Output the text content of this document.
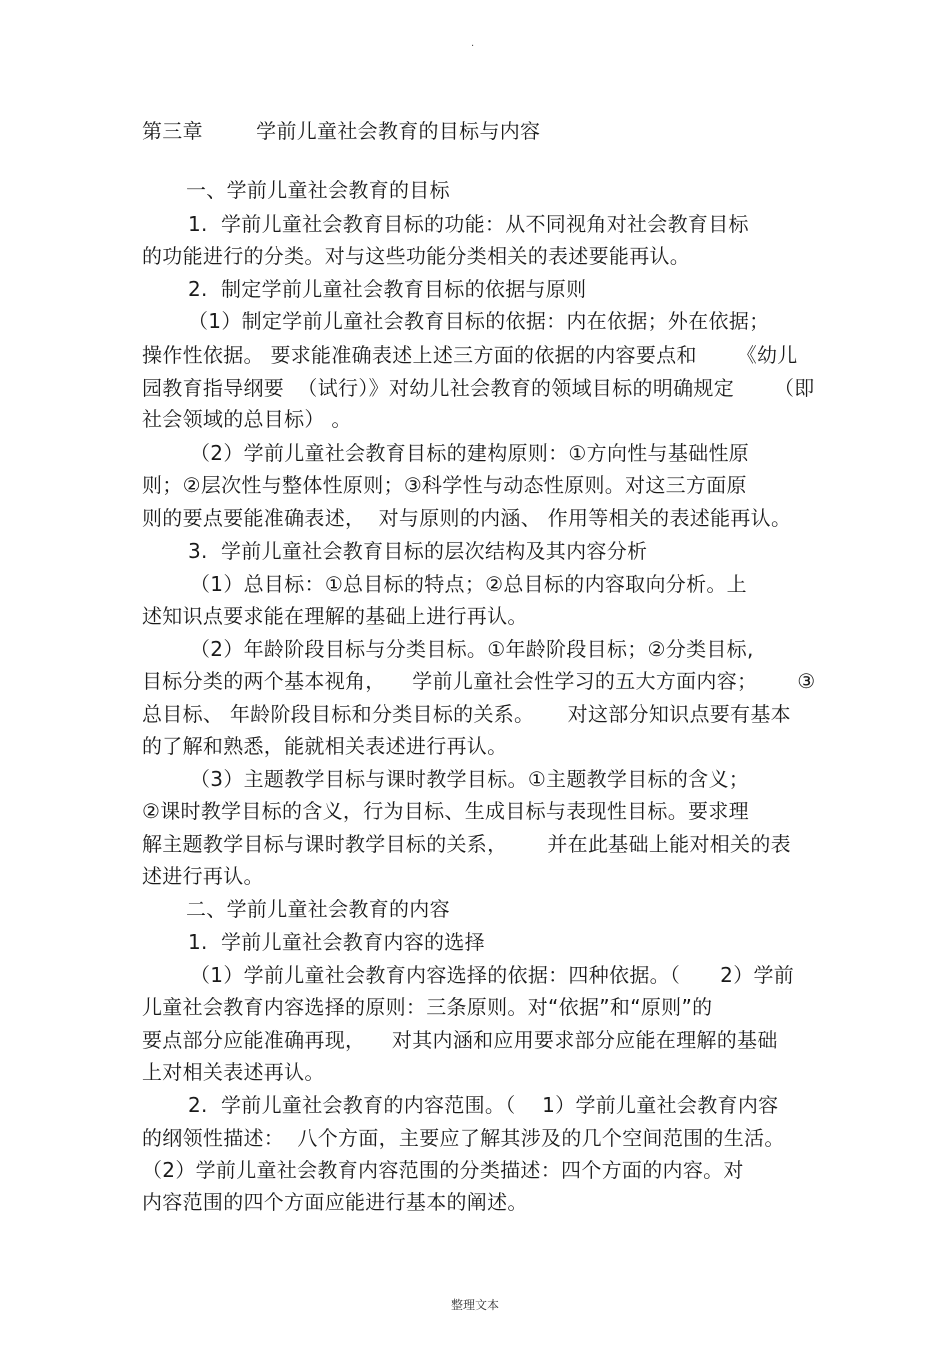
.
第三章        学前儿童社会教育的目标与内容
一、学前儿童社会教育的目标
1.  学前儿童社会教育目标的功能：从不同视角对社会教育目标
的功能进行的分类。对与这些功能分类相关的表述要能再认。
2.  制定学前儿童社会教育目标的依据与原则
（1）制定学前儿童社会教育目标的依据：内在依据；外在依据；
操作性依据。 要求能准确表述上述三方面的依据的内容要点和      《幼儿
园教育指导纲要  （试行）》对幼儿社会教育的领域目标的明确规定      （即
社会领域的总目标） 。
（2）学前儿童社会教育目标的建构原则：①方向性与基础性原
则；②层次性与整体性原则；③科学性与动态性原则。对这三方面原
则的要点要能准确表述，  对与原则的内涵、 作用等相关的表述能再认。
3.  学前儿童社会教育目标的层次结构及其内容分析
（1）总目标：①总目标的特点；②总目标的内容取向分析。上
述知识点要求能在理解的基础上进行再认。
（2）年龄阶段目标与分类目标。①年龄阶段目标；②分类目标,
目标分类的两个基本视角，    学前儿童社会性学习的五大方面内容；      ③
总目标、 年龄阶段目标和分类目标的关系。     对这部分知识点要有基本
的了解和熟悉，能就相关表述进行再认。
（3）主题教学目标与课时教学目标。①主题教学目标的含义；
②课时教学目标的含义，行为目标、生成目标与表现性目标。要求理
解主题教学目标与课时教学目标的关系，      并在此基础上能对相关的表
述进行再认。
二、学前儿童社会教育的内容
1.  学前儿童社会教育内容的选择
（1）学前儿童社会教育内容选择的依据：四种依据。（      2）学前
儿童社会教育内容选择的原则：三条原则。对“依据”和“原则”的
要点部分应能准确再现，    对其内涵和应用要求部分应能在理解的基础
上对相关表述再认。
2.  学前儿童社会教育的内容范围。（    1）学前儿童社会教育内容
的纲领性描述：  八个方面，主要应了解其涉及的几个空间范围的生活。
（2）学前儿童社会教育内容范围的分类描述：四个方面的内容。对
内容范围的四个方面应能进行基本的阐述。
整理文本
